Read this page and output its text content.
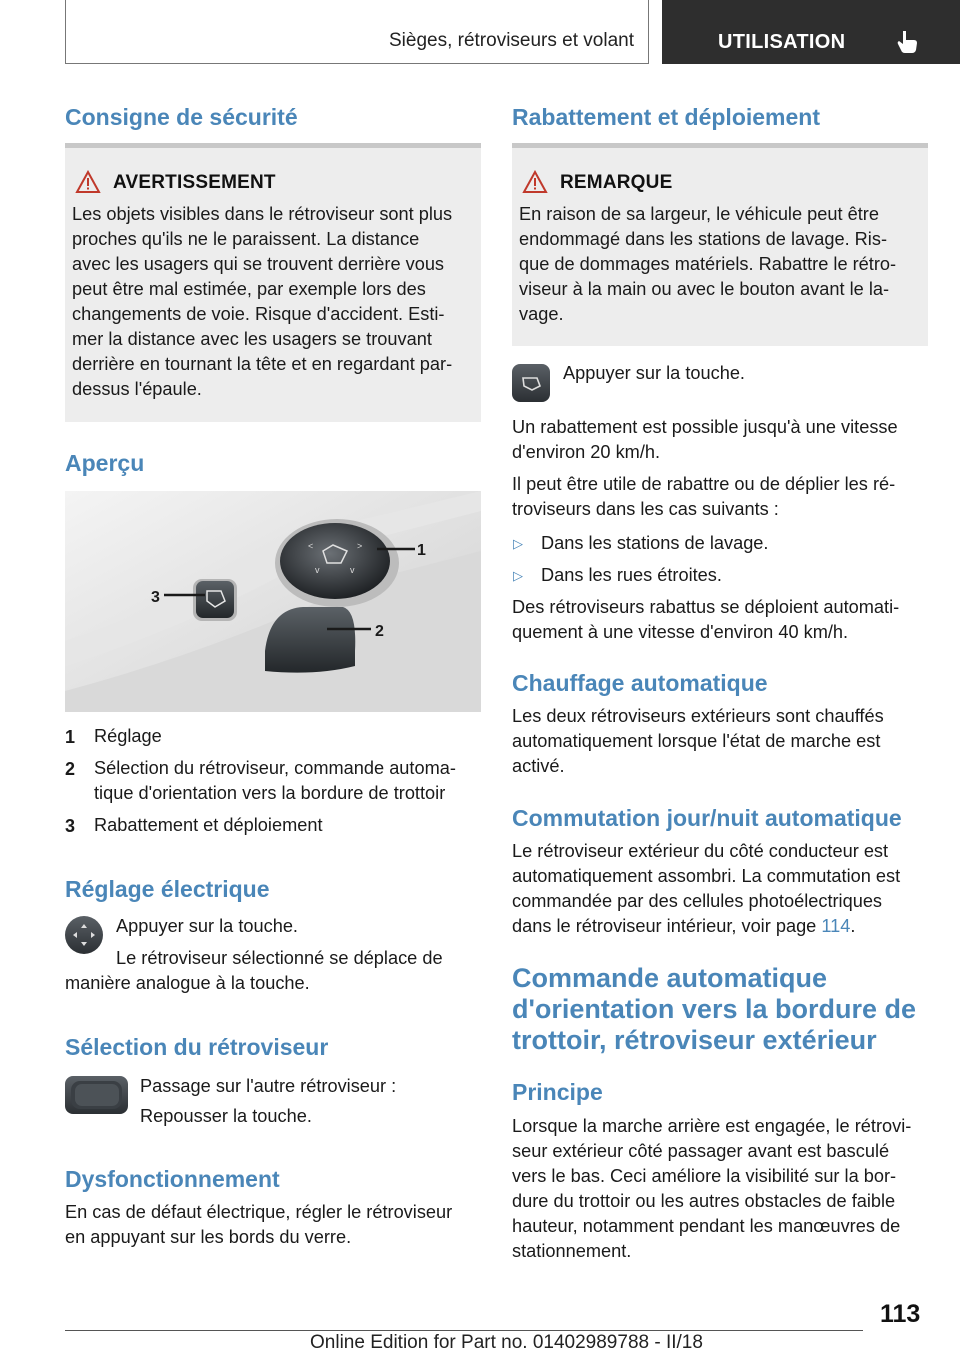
Sièges, rétroviseurs et volant	UTILISATION
Consigne de sécurité
AVERTISSEMENT
Les objets visibles dans le rétroviseur sont plus
proches qu'ils ne le paraissent. La distance
avec les usagers qui se trouvent derrière vous
peut être mal estimée, par exemple lors des
changements de voie. Risque d'accident. Esti-
mer la distance avec les usagers se trouvant
derrière en tournant la tête et en regardant par-
dessus l'épaule.
Aperçu
<	>
v	v
1
2
3
1 Réglage
2 Sélection du rétroviseur, commande automa-
tique d'orientation vers la bordure de trottoir
3 Rabattement et déploiement
Réglage électrique
Appuyer sur la touche.
Le rétroviseur sélectionné se déplace de
manière analogue à la touche.
Sélection du rétroviseur
Passage sur l'autre rétroviseur :
Repousser la touche.
Dysfonctionnement
En cas de défaut électrique, régler le rétroviseur
en appuyant sur les bords du verre.
Rabattement et déploiement
REMARQUE
En raison de sa largeur, le véhicule peut être
endommagé dans les stations de lavage. Ris-
que de dommages matériels. Rabattre le rétro-
viseur à la main ou avec le bouton avant le la-
vage.
Appuyer sur la touche.
Un rabattement est possible jusqu'à une vitesse
d'environ 20 km/h.
Il peut être utile de rabattre ou de déplier les ré-
troviseurs dans les cas suivants :
▷ Dans les stations de lavage.
▷ Dans les rues étroites.
Des rétroviseurs rabattus se déploient automati-
quement à une vitesse d'environ 40 km/h.
Chauffage automatique
Les deux rétroviseurs extérieurs sont chauffés
automatiquement lorsque l'état de marche est
activé.
Commutation jour/nuit automatique
Le rétroviseur extérieur du côté conducteur est
automatiquement assombri. La commutation est
commandée par des cellules photoélectriques
dans le rétroviseur intérieur, voir page 114.
Commande automatique
d'orientation vers la bordure de
trottoir, rétroviseur extérieur
Principe
Lorsque la marche arrière est engagée, le rétrovi-
seur extérieur côté passager avant est basculé
vers le bas. Ceci améliore la visibilité sur la bor-
dure du trottoir ou les autres obstacles de faible
hauteur, notamment pendant les manœuvres de
stationnement.
113
Online Edition for Part no. 01402989788 - II/18
